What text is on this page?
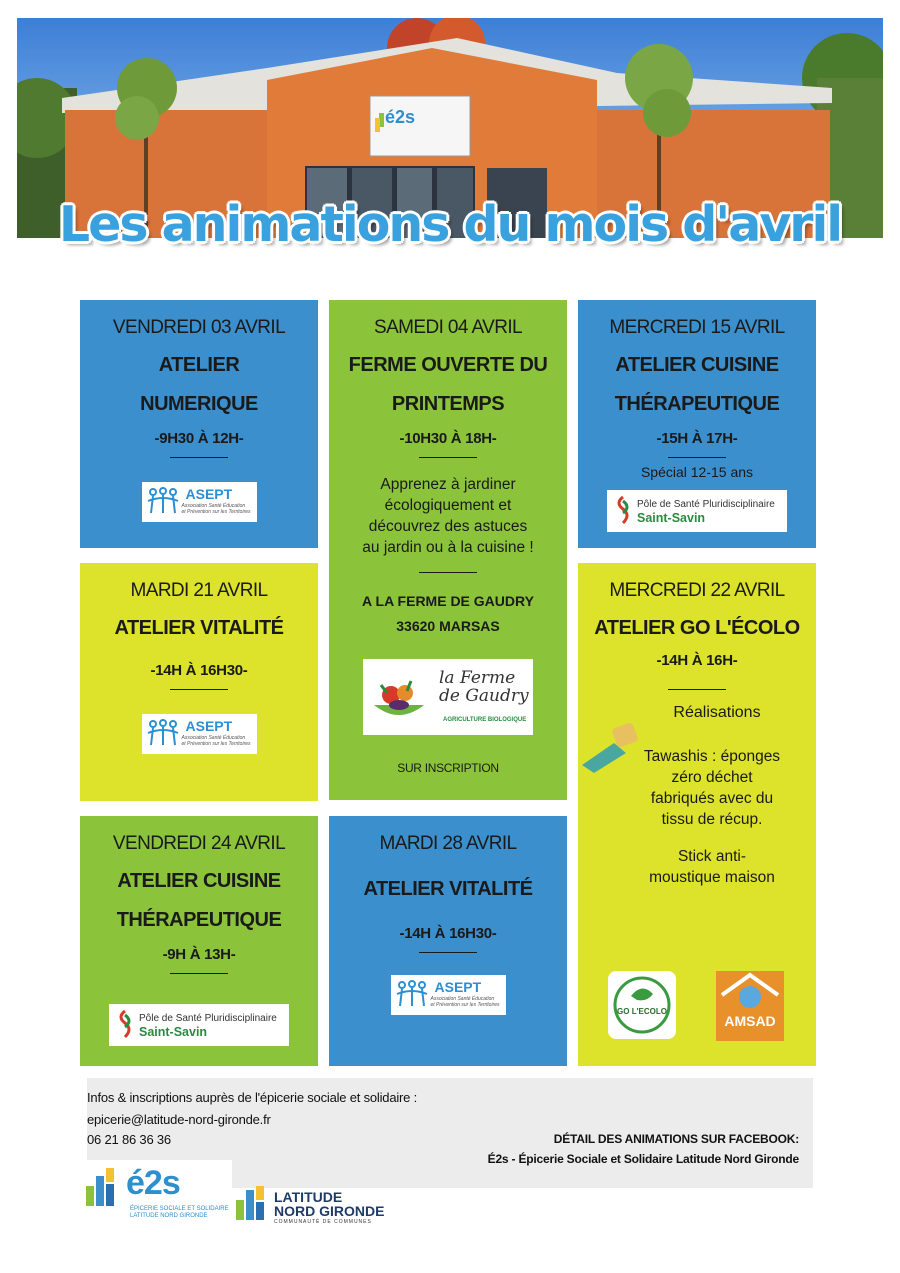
é2s
Les animations du mois d'avril
VENDREDI 03 AVRIL
ATELIER NUMERIQUE
-9H30 À 12H-
ASEPT
Association Santé Éducation
et Prévention sur les Territoires
SAMEDI 04 AVRIL
FERME OUVERTE DU PRINTEMPS
-10H30 À 18H-
Apprenez à jardiner
écologiquement et
découvrez des astuces
au jardin ou à la cuisine !
A LA FERME DE GAUDRY
33620 MARSAS
la Ferme de Gaudry
AGRICULTURE BIOLOGIQUE
SUR INSCRIPTION
MERCREDI 15 AVRIL
ATELIER CUISINE THÉRAPEUTIQUE
-15H À 17H-
Spécial 12-15 ans
Pôle de Santé Pluridisciplinaire
Saint-Savin
MARDI 21 AVRIL
ATELIER VITALITÉ
-14H À 16H30-
ASEPT
Association Santé Éducation
et Prévention sur les Territoires
MERCREDI 22 AVRIL
ATELIER GO L'ÉCOLO
-14H À 16H-
Réalisations
Tawashis : éponges
zéro déchet
fabriqués avec du
tissu de récup.
Stick anti-
moustique maison
GO L'ECOLO
AMSAD
VENDREDI 24 AVRIL
ATELIER CUISINE THÉRAPEUTIQUE
-9H À 13H-
Pôle de Santé Pluridisciplinaire
Saint-Savin
MARDI 28 AVRIL
ATELIER VITALITÉ
-14H À 16H30-
ASEPT
Association Santé Éducation
et Prévention sur les Territoires
Infos & inscriptions auprès de l'épicerie sociale et solidaire :
epicerie@latitude-nord-gironde.fr
06 21 86 36 36	DÉTAIL DES ANIMATIONS SUR FACEBOOK:
É2s - Épicerie Sociale et Solidaire Latitude Nord Gironde
é2s
ÉPICERIE SOCIALE ET SOLIDAIRE
LATITUDE NORD GIRONDE
LATITUDE
NORD GIRONDE
COMMUNAUTÉ DE COMMUNES
